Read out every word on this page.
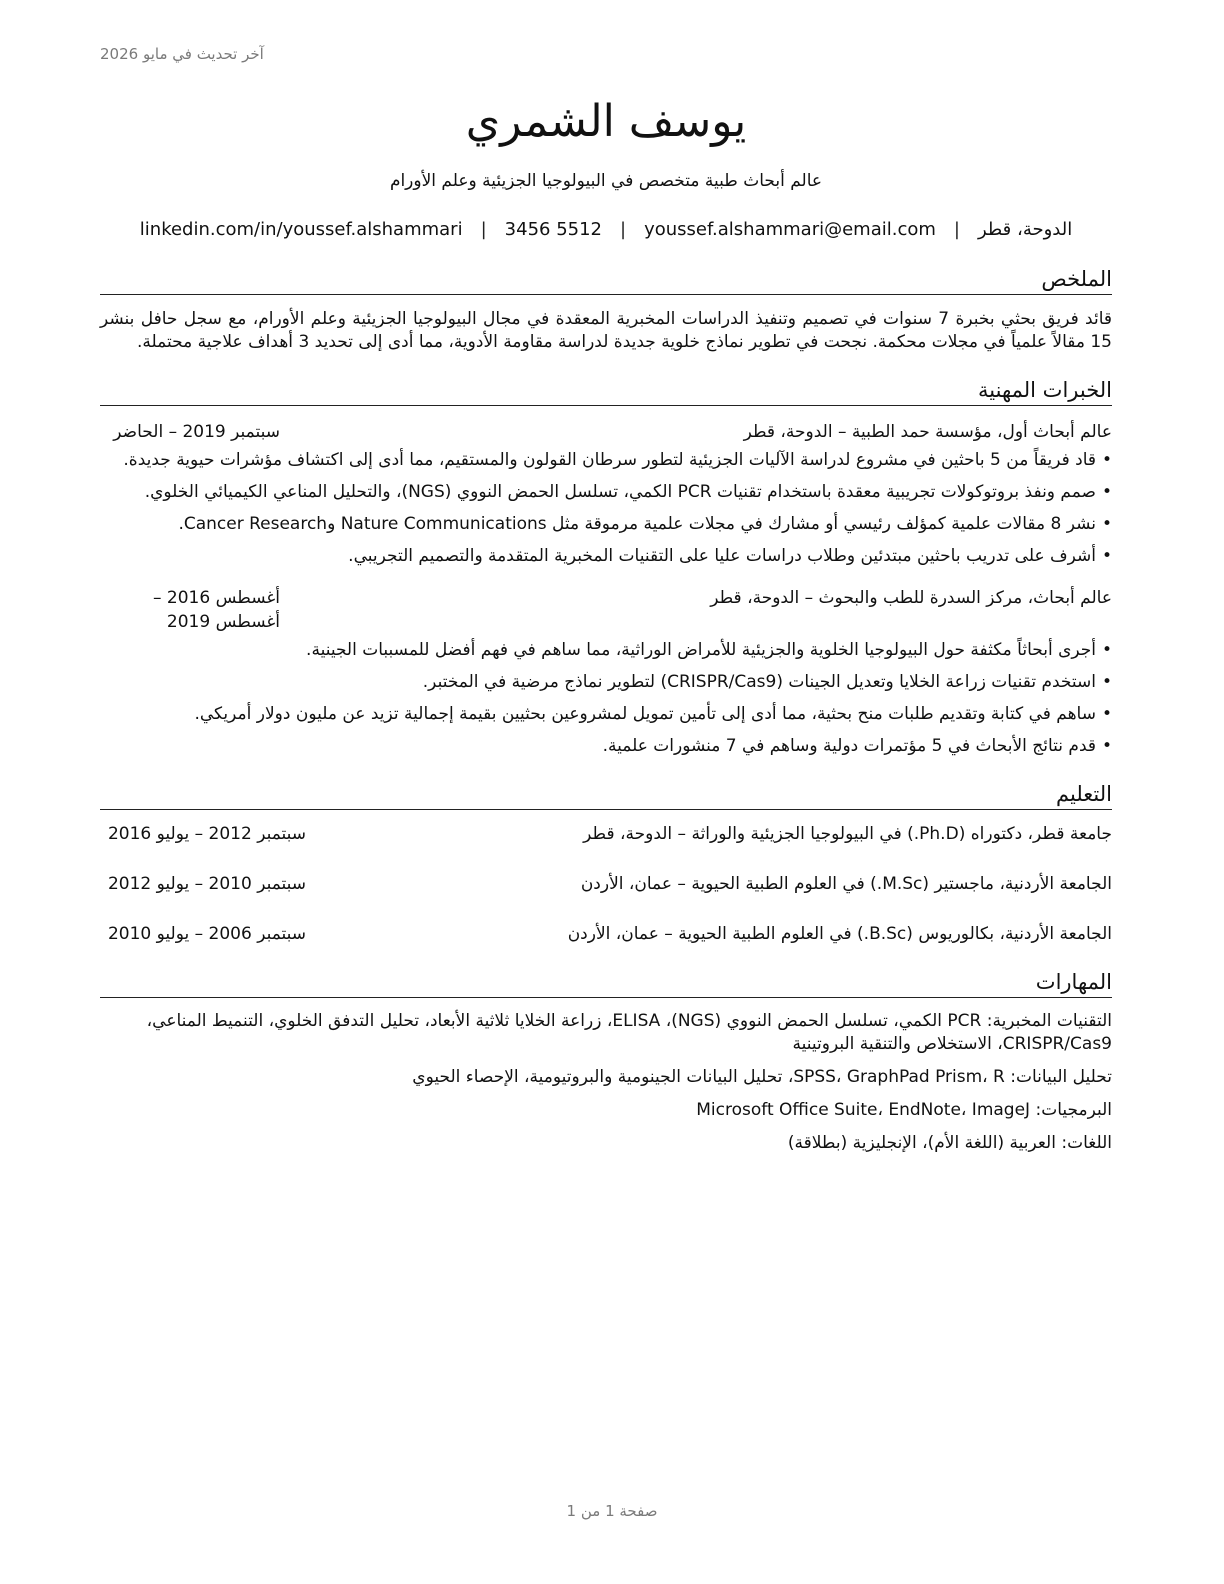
آخر تحديث في مايو 2026
يوسف الشمري
عالم أبحاث طبية متخصص في البيولوجيا الجزيئية وعلم الأورام
الدوحة، قطر
|
youssef.alshammari@email.com
|
3456 5512
|
linkedin.com/in/youssef.alshammari
الملخص
قائد فريق بحثي بخبرة 7 سنوات في تصميم وتنفيذ الدراسات المخبرية المعقدة في مجال البيولوجيا الجزيئية وعلم الأورام، مع سجل حافل بنشر 15 مقالاً علمياً في مجلات محكمة. نجحت في تطوير نماذج خلوية جديدة لدراسة مقاومة الأدوية، مما أدى إلى تحديد 3 أهداف علاجية محتملة.
الخبرات المهنية
عالم أبحاث أول، مؤسسة حمد الطبية – الدوحة، قطر
سبتمبر 2019 – الحاضر
• قاد فريقاً من 5 باحثين في مشروع لدراسة الآليات الجزيئية لتطور سرطان القولون والمستقيم، مما أدى إلى اكتشاف مؤشرات حيوية جديدة.
• صمم ونفذ بروتوكولات تجريبية معقدة باستخدام تقنيات PCR الكمي، تسلسل الحمض النووي (NGS)، والتحليل المناعي الكيميائي الخلوي.
• نشر 8 مقالات علمية كمؤلف رئيسي أو مشارك في مجلات علمية مرموقة مثل Nature Communications وCancer Research.
• أشرف على تدريب باحثين مبتدئين وطلاب دراسات عليا على التقنيات المخبرية المتقدمة والتصميم التجريبي.
عالم أبحاث، مركز السدرة للطب والبحوث – الدوحة، قطر
أغسطس 2016 – أغسطس 2019
• أجرى أبحاثاً مكثفة حول البيولوجيا الخلوية والجزيئية للأمراض الوراثية، مما ساهم في فهم أفضل للمسببات الجينية.
• استخدم تقنيات زراعة الخلايا وتعديل الجينات (CRISPR/Cas9) لتطوير نماذج مرضية في المختبر.
• ساهم في كتابة وتقديم طلبات منح بحثية، مما أدى إلى تأمين تمويل لمشروعين بحثيين بقيمة إجمالية تزيد عن مليون دولار أمريكي.
• قدم نتائج الأبحاث في 5 مؤتمرات دولية وساهم في 7 منشورات علمية.
التعليم
جامعة قطر، دكتوراه (Ph.D.) في البيولوجيا الجزيئية والوراثة – الدوحة، قطر
سبتمبر 2012 – يوليو 2016
الجامعة الأردنية، ماجستير (M.Sc.) في العلوم الطبية الحيوية – عمان، الأردن
سبتمبر 2010 – يوليو 2012
الجامعة الأردنية، بكالوريوس (B.Sc.) في العلوم الطبية الحيوية – عمان، الأردن
سبتمبر 2006 – يوليو 2010
المهارات
التقنيات المخبرية: PCR الكمي، تسلسل الحمض النووي (NGS)، ELISA، زراعة الخلايا ثلاثية الأبعاد، تحليل التدفق الخلوي، التنميط المناعي، CRISPR/Cas9، الاستخلاص والتنقية البروتينية
تحليل البيانات: SPSS، GraphPad Prism، R، تحليل البيانات الجينومية والبروتيومية، الإحصاء الحيوي
البرمجيات: Microsoft Office Suite، EndNote، ImageJ
اللغات: العربية (اللغة الأم)، الإنجليزية (بطلاقة)
صفحة 1 من 1
